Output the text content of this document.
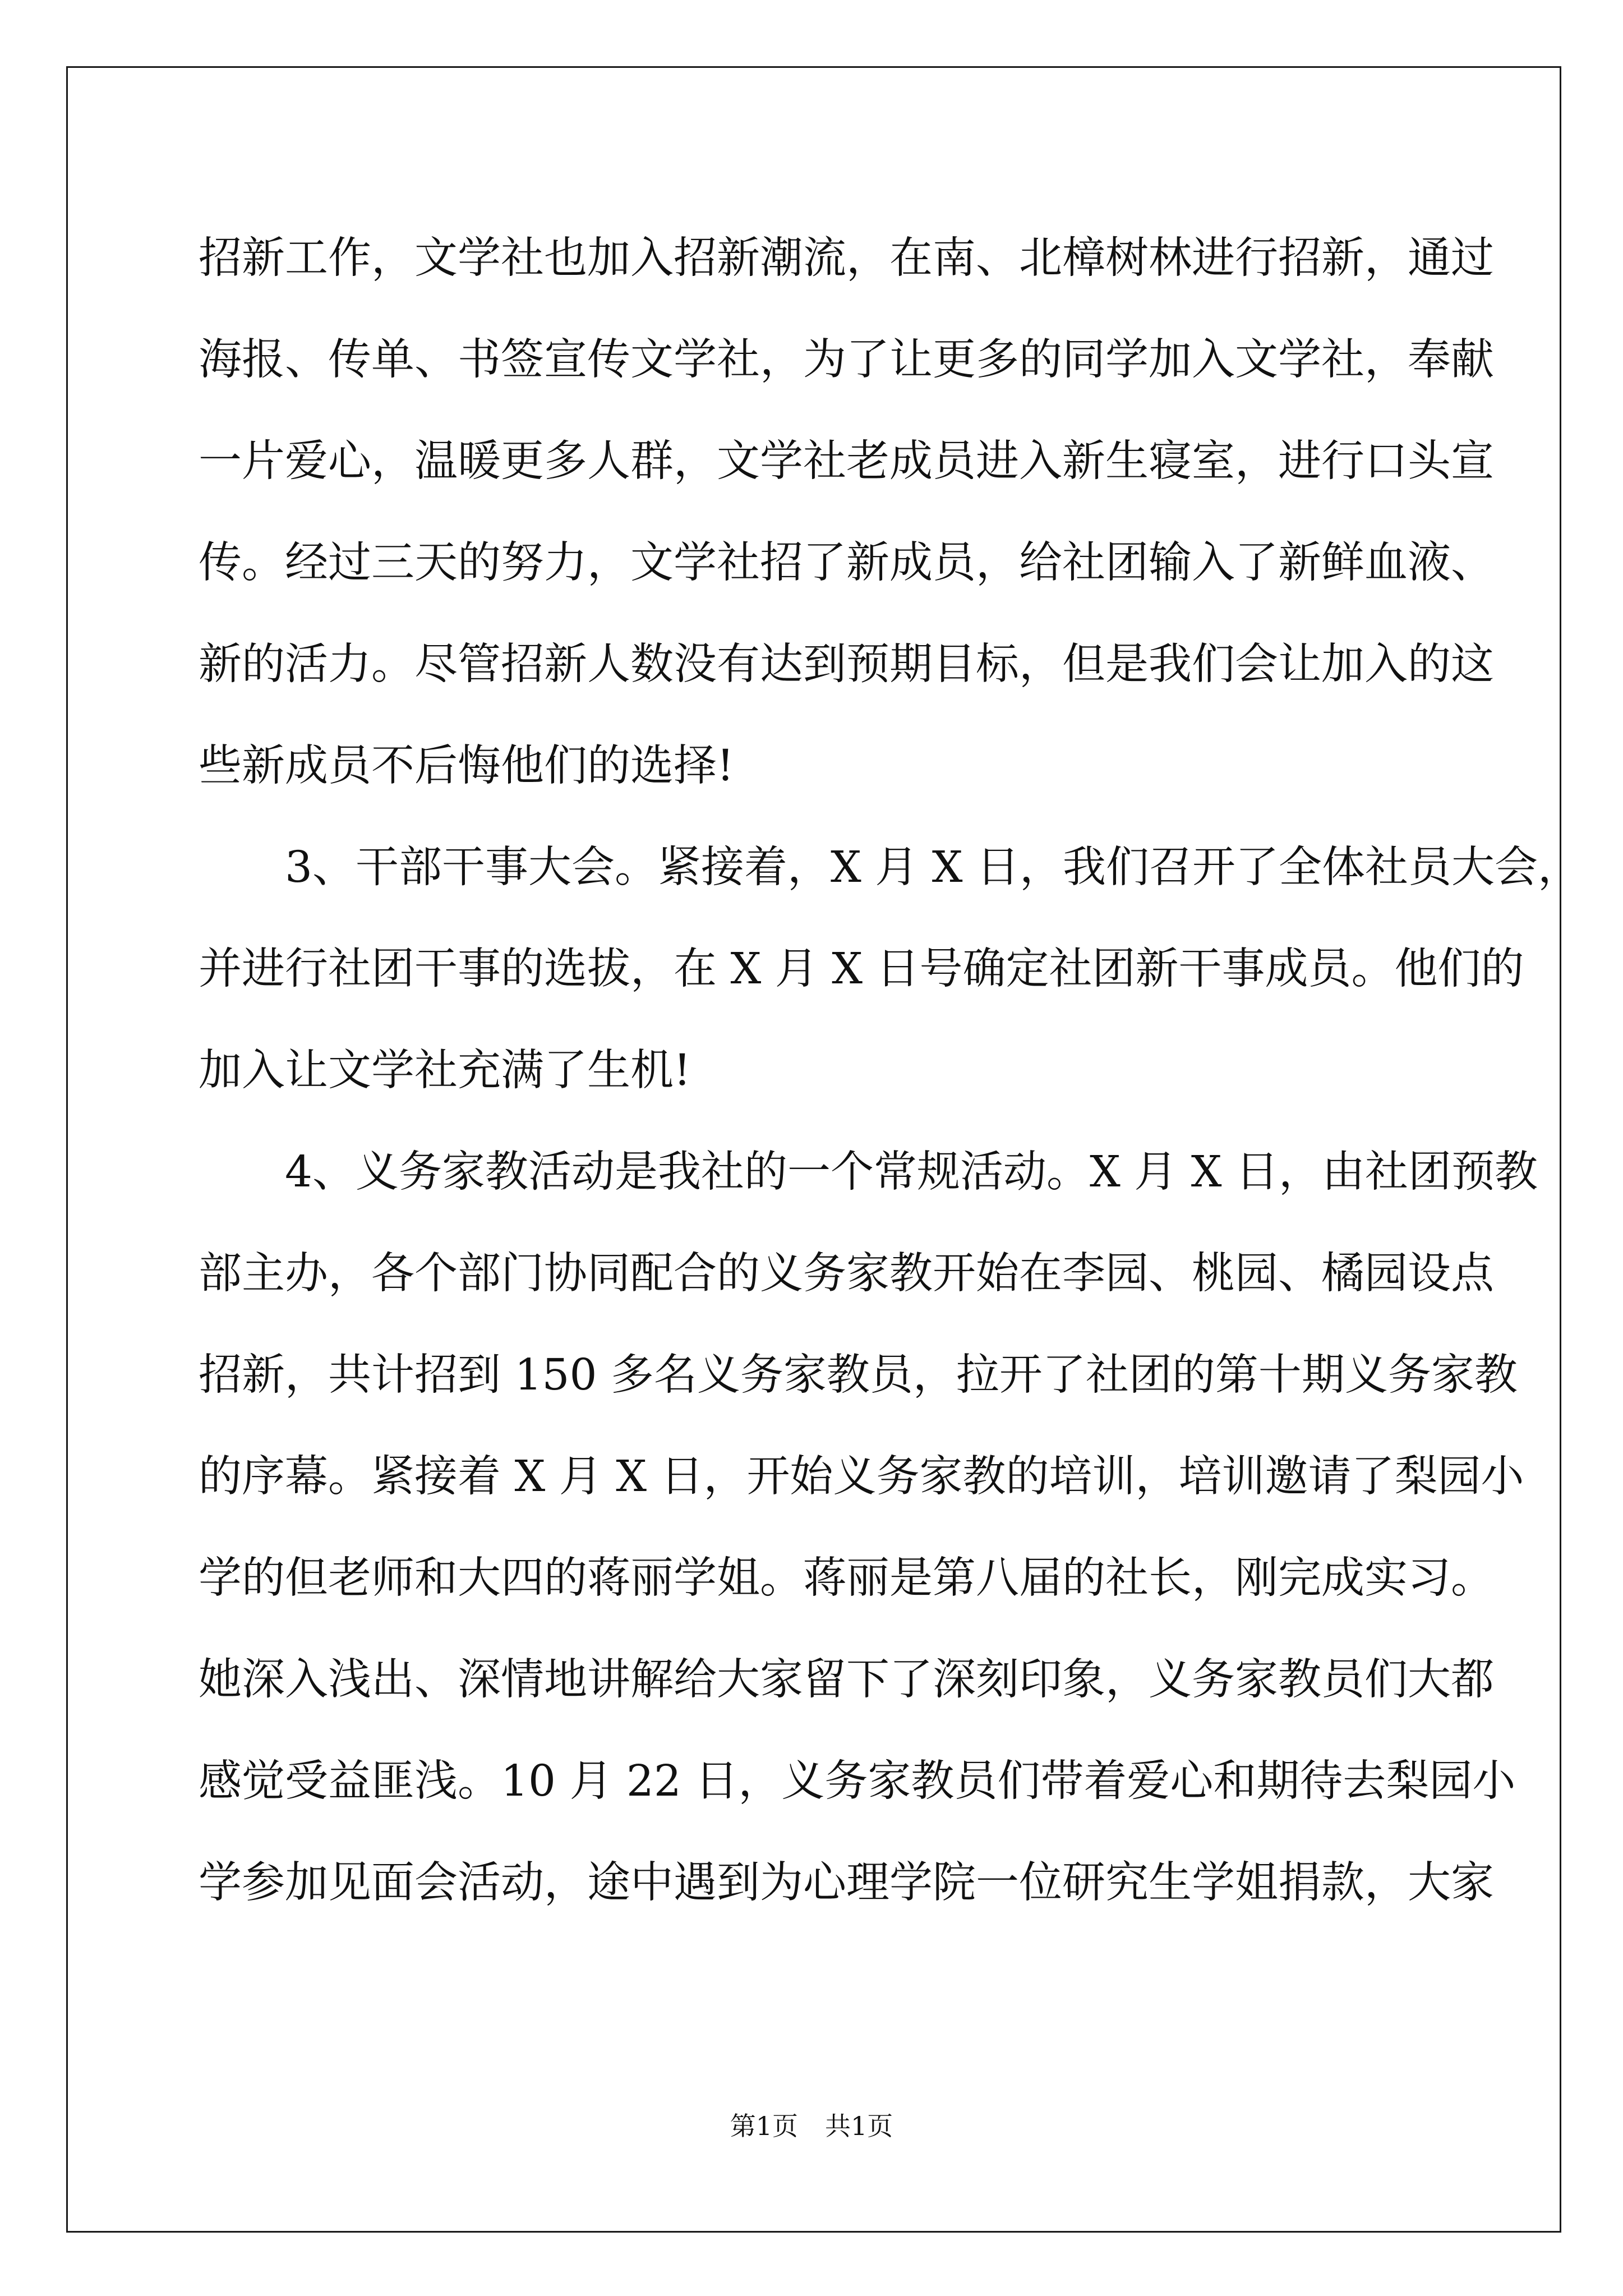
招新工作，文学社也加入招新潮流，在南、北樟树林进行招新，通过
海报、传单、书签宣传文学社，为了让更多的同学加入文学社，奉献
一片爱心，温暖更多人群，文学社老成员进入新生寝室，进行口头宣
传。经过三天的努力，文学社招了新成员，给社团输入了新鲜血液、
新的活力。尽管招新人数没有达到预期目标，但是我们会让加入的这
些新成员不后悔他们的选择!
　　3、干部干事大会。紧接着，X 月 X 日，我们召开了全体社员大会，
并进行社团干事的选拔，在 X 月 X 日号确定社团新干事成员。他们的
加入让文学社充满了生机!
　　4、义务家教活动是我社的一个常规活动。X 月 X 日，由社团预教
部主办，各个部门协同配合的义务家教开始在李园、桃园、橘园设点
招新，共计招到 150 多名义务家教员，拉开了社团的第十期义务家教
的序幕。紧接着 X 月 X 日，开始义务家教的培训，培训邀请了梨园小
学的但老师和大四的蒋丽学姐。蒋丽是第八届的社长，刚完成实习。
她深入浅出、深情地讲解给大家留下了深刻印象，义务家教员们大都
感觉受益匪浅。10 月 22 日，义务家教员们带着爱心和期待去梨园小
学参加见面会活动，途中遇到为心理学院一位研究生学姐捐款，大家
第1页 共1页
